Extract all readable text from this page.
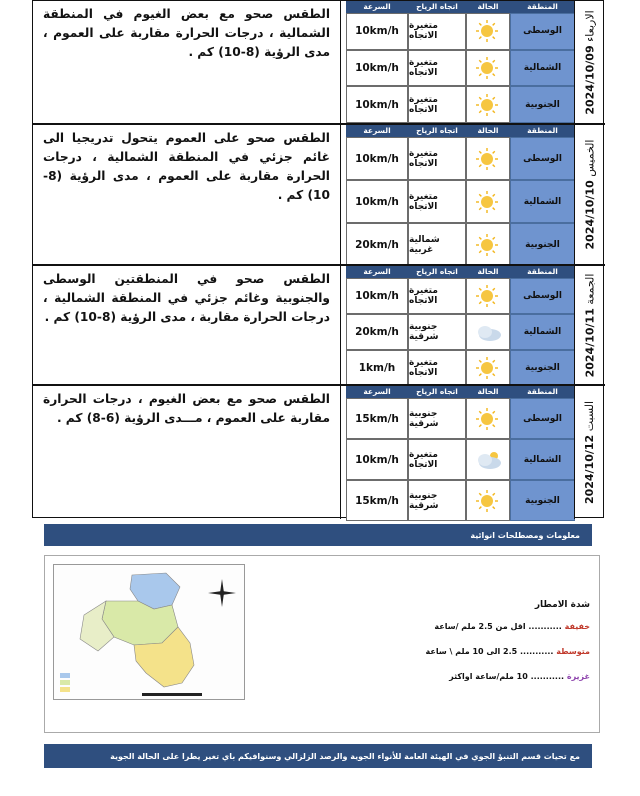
الطقس صحو مع بعض الغيوم في المنطقة الشمالية ، درجات الحرارة مقاربة على العموم ، مدى الرؤية (8-10) كم .
السرعة	اتجاه الرياح	الحالة	المنطقة
10km/h	متغيرة الاتجاه	الوسطى
10km/h	متغيرة الاتجاه	الشمالية
10km/h	متغيرة الاتجاه	الجنوبية
الاربعاء 2024/10/09
الطقس صحو على العموم يتحول تدريجيا الى غائم جزئي في المنطقة الشمالية ، درجات الحرارة مقاربة على العموم ، مدى الرؤية (8-10) كم .
السرعة	اتجاه الرياح	الحالة	المنطقة
10km/h	متغيرة الاتجاه	الوسطى
10km/h	متغيرة الاتجاه	الشمالية
20km/h	شمالية غربية	الجنوبية
الخميس 2024/10/10
الطقس صحو في المنطقتين الوسطى والجنوبية وغائم جزئي في المنطقة الشمالية ، درجات الحرارة مقاربة ، مدى الرؤية (8-10) كم .
السرعة	اتجاه الرياح	الحالة	المنطقة
10km/h	متغيرة الاتجاه	الوسطى
20km/h	جنوبية شرقية	الشمالية
1km/h	متغيرة الاتجاه	الجنوبية
الجمعة 2024/10/11
الطقس صحو مع بعض الغيوم ، درجات الحرارة مقاربة على العموم ، مـــدى الرؤية (6-8) كم .
السرعة	اتجاه الرياح	الحالة	المنطقة
15km/h	جنوبية شرقية	الوسطى
10km/h	متغيرة الاتجاه	الشمالية
15km/h	جنوبية شرقية	الجنوبية
السبت 2024/10/12
معلومات ومصطلحات انوائية
شدة الامطار
خفيفة ........... اقل من 2.5 ملم /ساعة
متوسطة ........... 2.5 الى 10 ملم \ ساعة
غزيرة ........... 10 ملم/ساعة اواكثر
مع تحيات قسم التنبؤ الجوي في الهيئة العامة للأنواء الجوية والرصد الزلزالي وسنوافيكم باي تغير يطرا على الحالة الجوية
